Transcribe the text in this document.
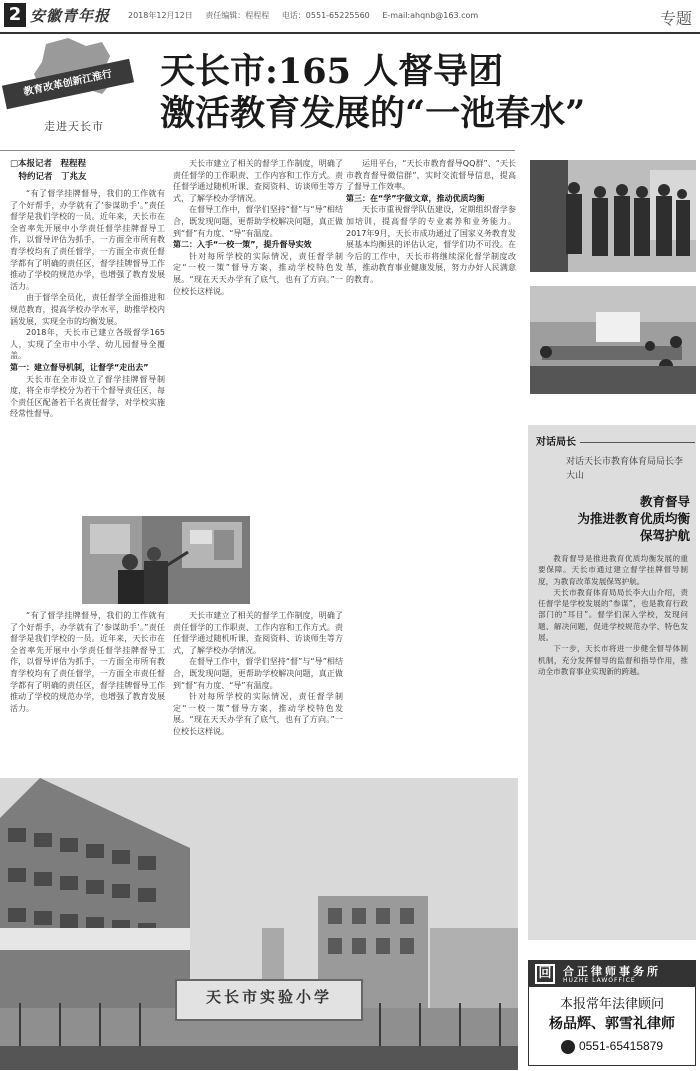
2 安徽青年报 2018年12月12日 责任编辑：程程程 电话：0551-65225560 E-mail:ahqnb@163.com	专题
教育改革创新江淮行
走进天长市
天长市:165 人督导团
激活教育发展的“一池春水”
□本报记者　程程程
　特约记者　丁兆友

“有了督学挂牌督导，我们的工作就有了个好帮手，办学就有了‘参谋助手’。”责任督学是我们学校的一员。近年来，天长市在全省率先开展中小学责任督学挂牌督导工作，以督导评估为抓手，一方面全市所有教育学校均有了责任督学，一方面全市责任督学都有了明确的责任区，督学挂牌督导工作推动了学校的规范办学，也增强了教育发展活力。

由于督学全员化，责任督学全面推进和规范教育，提高学校办学水平，助推学校内涵发展，实现全市的均衡发展。

2018年，天长市已建立各级督学165人，实现了全市中小学、幼儿园督导全覆盖。

第一：建立督导机制，让督学“走出去”

天长市在全市设立了督学挂牌督导制度，将全市学校分为若干个督导责任区，每个责任区配备若干名责任督学，对学校实施经常性督导。

天长市建立了相关的督学工作制度，明确了责任督学的工作职责、工作内容和工作方式。责任督学通过随机听课、查阅资料、访谈师生等方式，了解学校办学情况。

在督导工作中，督学们坚持“督”与“导”相结合，既发现问题，更帮助学校解决问题，真正做到“督”有力度、“导”有温度。

第二：入手“一校一策”，提升督导实效

针对每所学校的实际情况，责任督学制定“一校一策”督导方案，推动学校特色发展。“现在天天办学有了底气，也有了方向。”一位校长这样说。

运用平台，“天长市教育督导QQ群”、“天长市教育督导微信群”，实时交流督导信息，提高了督导工作效率。

第三：在“学”字做文章，推动优质均衡

天长市重视督学队伍建设，定期组织督学参加培训，提高督学的专业素养和业务能力。2017年9月，天长市成功通过了国家义务教育发展基本均衡县的评估认定，督学们功不可没。在今后的工作中，天长市将继续深化督学制度改革，推动教育事业健康发展，努力办好人民满意的教育。

“有了督学挂牌督导，我们的工作就有了个好帮手，办学就有了‘参谋助手’。”责任督学是我们学校的一员。近年来，天长市在全省率先开展中小学责任督学挂牌督导工作，以督导评估为抓手，一方面全市所有教育学校均有了责任督学，一方面全市责任督学都有了明确的责任区，督学挂牌督导工作推动了学校的规范办学，也增强了教育发展活力。

天长市建立了相关的督学工作制度，明确了责任督学的工作职责、工作内容和工作方式。责任督学通过随机听课、查阅资料、访谈师生等方式，了解学校办学情况。

在督导工作中，督学们坚持“督”与“导”相结合，既发现问题，更帮助学校解决问题，真正做到“督”有力度、“导”有温度。

针对每所学校的实际情况，责任督学制定“一校一策”督导方案，推动学校特色发展。“现在天天办学有了底气，也有了方向。”一位校长这样说。

天长市实验小学
对话局长
对话天长市教育体育局局长李大山
教育督导
为推进教育优质均衡
保驾护航

教育督导是推进教育优质均衡发展的重要保障。天长市通过建立督学挂牌督导制度，为教育改革发展保驾护航。

天长市教育体育局局长李大山介绍，责任督学是学校发展的“参谋”，也是教育行政部门的“耳目”。督学们深入学校，发现问题、解决问题，促进学校规范办学、特色发展。

下一步，天长市将进一步健全督导体制机制，充分发挥督导的监督和指导作用，推动全市教育事业实现新的跨越。

回	合正律师事务所
HUZHE LAWOFFICE
本报常年法律顾问
杨品辉、郭雪礼律师
0551-65415879
